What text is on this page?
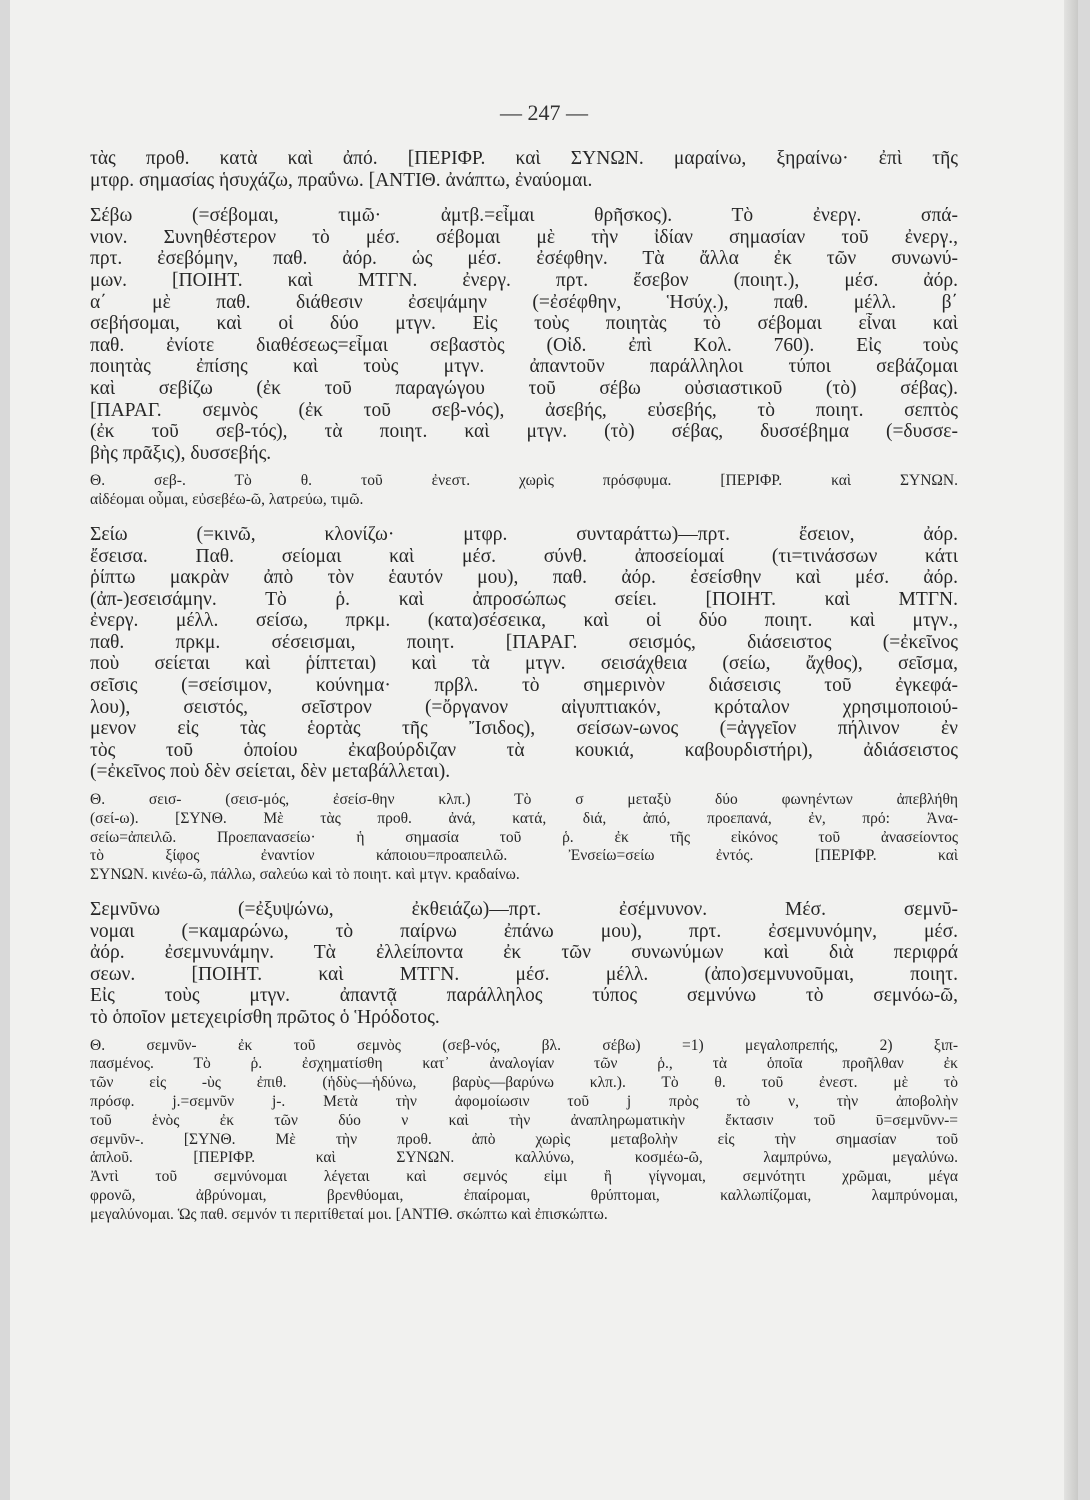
— 247 —
τὰς προθ. κατὰ καὶ ἀπό. [ΠΕΡΙΦΡ. καὶ ΣΥΝΩΝ. μαραίνω, ξηραίνω· ἐπὶ τῆς
μτφρ. σημασίας ἡσυχάζω, πραΰνω. [ΑΝΤΙΘ. ἀνάπτω, ἐναύομαι.
Σέβω (=σέβομαι, τιμῶ· ἀμτβ.=εἶμαι θρῆσκος). Τὸ ἐνεργ. σπά-
νιον. Συνηθέστερον τὸ μέσ. σέβομαι μὲ τὴν ἰδίαν σημασίαν τοῦ ἐνεργ.,
πρτ. ἐσεβόμην, παθ. ἀόρ. ὡς μέσ. ἐσέφθην. Τὰ ἄλλα ἐκ τῶν συνωνύ-
μων. [ΠΟΙΗΤ. καὶ ΜΤΓΝ. ἐνεργ. πρτ. ἔσεβον (ποιητ.), μέσ. ἀόρ.
α΄ μὲ παθ. διάθεσιν ἐσεψάμην (=ἐσέφθην, Ἡσύχ.), παθ. μέλλ. β΄
σεβήσομαι, καὶ οἱ δύο μτγν. Εἰς τοὺς ποιητὰς τὸ σέβομαι εἶναι καὶ
παθ. ἐνίοτε διαθέσεως=εἶμαι σεβαστὸς (Οἰδ. ἐπὶ Κολ. 760). Εἰς τοὺς
ποιητὰς ἐπίσης καὶ τοὺς μτγν. ἀπαντοῦν παράλληλοι τύποι σεβάζομαι
καὶ σεβίζω (ἐκ τοῦ παραγώγου τοῦ σέβω οὐσιαστικοῦ (τὸ) σέβας).
[ΠΑΡΑΓ. σεμνὸς (ἐκ τοῦ σεβ-νός), ἀσεβής, εὐσεβής, τὸ ποιητ. σεπτὸς
(ἐκ τοῦ σεβ-τός), τὰ ποιητ. καὶ μτγν. (τὸ) σέβας, δυσσέβημα (=δυσσε-
βὴς πρᾶξις), δυσσεβής.
Θ. σεβ-. Τὸ θ. τοῦ ἐνεστ. χωρὶς πρόσφυμα. [ΠΕΡΙΦΡ. καὶ ΣΥΝΩΝ.
αἰδέομαι οὗμαι, εὐσεβέω-ῶ, λατρεύω, τιμῶ.
Σείω (=κινῶ, κλονίζω· μτφρ. συνταράττω)—πρτ. ἔσειον, ἀόρ.
ἔσεισα. Παθ. σείομαι καὶ μέσ. σύνθ. ἀποσείομαί (τι=τινάσσων κάτι
ῥίπτω μακρὰν ἀπὸ τὸν ἑαυτόν μου), παθ. ἀόρ. ἐσείσθην καὶ μέσ. ἀόρ.
(ἀπ-)εσεισάμην. Τὸ ῥ. καὶ ἀπροσώπως σείει. [ΠΟΙΗΤ. καὶ ΜΤΓΝ.
ἐνεργ. μέλλ. σείσω, πρκμ. (κατα)σέσεικα, καὶ οἱ δύο ποιητ. καὶ μτγν.,
παθ. πρκμ. σέσεισμαι, ποιητ. [ΠΑΡΑΓ. σεισμός, διάσειστος (=ἐκεῖνος
ποὺ σείεται καὶ ῥίπτεται) καὶ τὰ μτγν. σεισάχθεια (σείω, ἄχθος), σεῖσμα,
σεῖσις (=σείσιμον, κούνημα· πρβλ. τὸ σημερινὸν διάσεισις τοῦ ἐγκεφά-
λου), σειστός, σεῖστρον (=ὄργανον αἰγυπτιακόν, κρόταλον χρησιμοποιού-
μενον εἰς τὰς ἑορτὰς τῆς Ἴσιδος), σείσων-ωνος (=ἀγγεῖον πήλινον ἐν
τὸς τοῦ ὁποίου ἐκαβούρδιζαν τὰ κουκιά, καβουρδιστήρι), ἀδιάσειστος
(=ἐκεῖνος ποὺ δὲν σείεται, δὲν μεταβάλλεται).
Θ. σεισ- (σεισ-μός, ἐσείσ-θην κλπ.) Τὸ σ μεταξὺ δύο φωνηέντων ἀπεβλήθη
(σεί-ω). [ΣΥΝΘ. Μὲ τὰς προθ. ἀνά, κατά, διά, ἀπό, προεπανά, ἐν, πρό: Ἀνα-
σείω=ἀπειλῶ. Προεπανασείω· ἡ σημασία τοῦ ῥ. ἐκ τῆς εἰκόνος τοῦ ἀνασείοντος
τὸ ξίφος ἐναντίον κάποιου=προαπειλῶ. Ἐνσείω=σείω ἐντός. [ΠΕΡΙΦΡ. καὶ
ΣΥΝΩΝ. κινέω-ῶ, πάλλω, σαλεύω καὶ τὸ ποιητ. καὶ μτγν. κραδαίνω.
Σεμνῦνω (=ἐξυψώνω, ἐκθειάζω)—πρτ. ἐσέμνυνον. Μέσ. σεμνῦ-
νομαι (=καμαρώνω, τὸ παίρνω ἐπάνω μου), πρτ. ἐσεμνυνόμην, μέσ.
ἀόρ. ἐσεμνυνάμην. Τὰ ἐλλείποντα ἐκ τῶν συνωνύμων καὶ διὰ περιφρά
σεων. [ΠΟΙΗΤ. καὶ ΜΤΓΝ. μέσ. μέλλ. (ἀπο)σεμνυνοῦμαι, ποιητ.
Εἰς τοὺς μτγν. ἀπαντᾷ παράλληλος τύπος σεμνύνω τὸ σεμνόω-ῶ,
τὸ ὁποῖον μετεχειρίσθη πρῶτος ὁ Ἡρόδοτος.
Θ. σεμνῦν- ἐκ τοῦ σεμνὸς (σεβ-νός, βλ. σέβω) =1) μεγαλοπρεπής, 2) ξιπ-
πασμένος. Τὸ ῥ. ἐσχηματίσθη κατ᾽ ἀναλογίαν τῶν ῥ., τὰ ὁποῖα προῆλθαν ἐκ
τῶν εἰς -ὺς ἐπιθ. (ἡδὺς—ἡδύνω, βαρὺς—βαρύνω κλπ.). Τὸ θ. τοῦ ἐνεστ. μὲ τὸ
πρόσφ. j.=σεμνῦν j-. Μετὰ τὴν ἀφομοίωσιν τοῦ j πρὸς τὸ ν, τὴν ἀποβολὴν
τοῦ ἑνὸς ἐκ τῶν δύο ν καὶ τὴν ἀναπληρωματικὴν ἔκτασιν τοῦ ῡ=σεμνῦνν-=
σεμνῦν-. [ΣΥΝΘ. Μὲ τὴν προθ. ἀπὸ χωρὶς μεταβολὴν εἰς τὴν σημασίαν τοῦ
ἁπλοῦ. [ΠΕΡΙΦΡ. καὶ ΣΥΝΩΝ. καλλύνω, κοσμέω-ῶ, λαμπρύνω, μεγαλύνω.
Ἀντὶ τοῦ σεμνύνομαι λέγεται καὶ σεμνός εἰμι ἢ γίγνομαι, σεμνότητι χρῶμαι, μέγα
φρονῶ, ἀβρύνομαι, βρενθύομαι, ἐπαίρομαι, θρύπτομαι, καλλωπίζομαι, λαμπρύνομαι,
μεγαλύνομαι. Ὡς παθ. σεμνόν τι περιτίθεταί μοι. [ΑΝΤΙΘ. σκώπτω καὶ ἐπισκώπτω.
